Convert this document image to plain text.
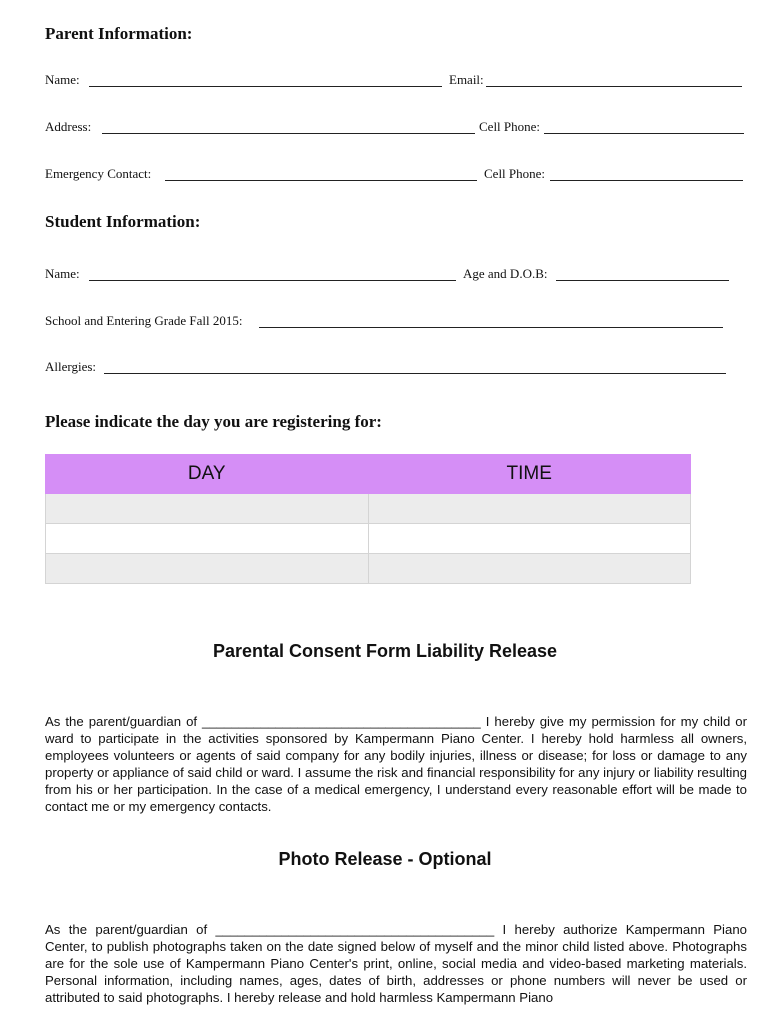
Parent Information:
Name:	Email:
Address:	Cell Phone:
Emergency Contact:	Cell Phone:
Student Information:
Name:	Age and D.O.B:
School and Entering Grade Fall 2015:
Allergies:
Please indicate the day you are registering for:
DAY	TIME

Parental Consent Form Liability Release

As the parent/guardian of ______________________________________ I hereby give my permission for my child or ward to participate in the activities sponsored by Kampermann Piano Center. I hereby hold harmless all owners, employees volunteers or agents of said company for any bodily injuries, illness or disease; for loss or damage to any property or appliance of said child or ward. I assume the risk and financial responsibility for any injury or liability resulting from his or her participation. In the case of a medical emergency, I understand every reasonable effort will be made to contact me or my emergency contacts.

Photo Release - Optional

As the parent/guardian of ______________________________________ I hereby authorize Kampermann Piano Center, to publish photographs taken on the date signed below of myself and the minor child listed above. Photographs are for the sole use of Kampermann Piano Center's print, online, social media and video-based marketing materials. Personal information, including names, ages, dates of birth, addresses or phone numbers will never be used or attributed to said photographs. I hereby release and hold harmless Kampermann Piano
